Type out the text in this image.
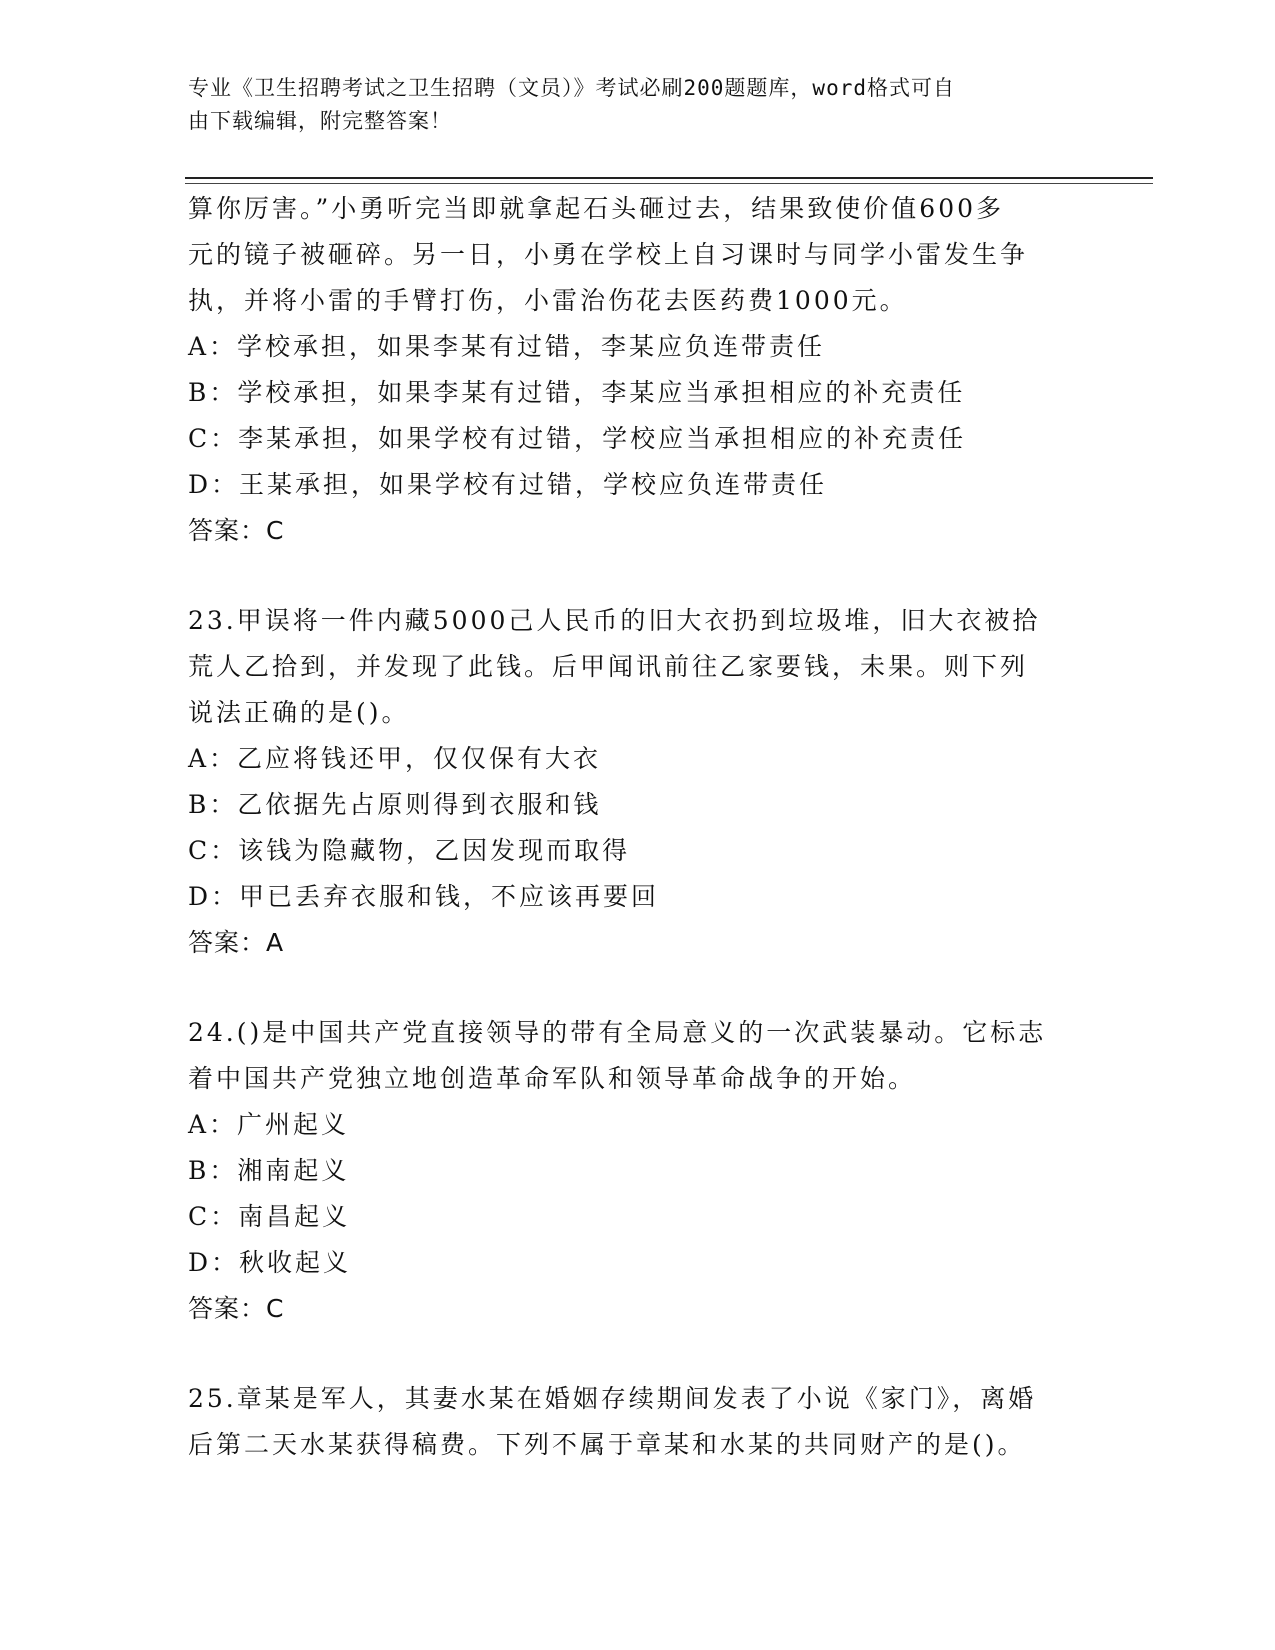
专业《卫生招聘考试之卫生招聘（文员）》考试必刷200题题库，word格式可自
由下载编辑，附完整答案！
算你厉害。”小勇听完当即就拿起石头砸过去，结果致使价值600多
元的镜子被砸碎。另一日，小勇在学校上自习课时与同学小雷发生争
执，并将小雷的手臂打伤，小雷治伤花去医药费1000元。
A：学校承担，如果李某有过错，李某应负连带责任
B：学校承担，如果李某有过错，李某应当承担相应的补充责任
C：李某承担，如果学校有过错，学校应当承担相应的补充责任
D：王某承担，如果学校有过错，学校应负连带责任
答案：C
23.甲误将一件内藏5000己人民币的旧大衣扔到垃圾堆，旧大衣被拾
荒人乙拾到，并发现了此钱。后甲闻讯前往乙家要钱，未果。则下列
说法正确的是()。
A：乙应将钱还甲，仅仅保有大衣
B：乙依据先占原则得到衣服和钱
C：该钱为隐藏物，乙因发现而取得
D：甲已丢弃衣服和钱，不应该再要回
答案：A
24.()是中国共产党直接领导的带有全局意义的一次武装暴动。它标志
着中国共产党独立地创造革命军队和领导革命战争的开始。
A：广州起义
B：湘南起义
C：南昌起义
D：秋收起义
答案：C
25.章某是军人，其妻水某在婚姻存续期间发表了小说《家门》，离婚
后第二天水某获得稿费。下列不属于章某和水某的共同财产的是()。
